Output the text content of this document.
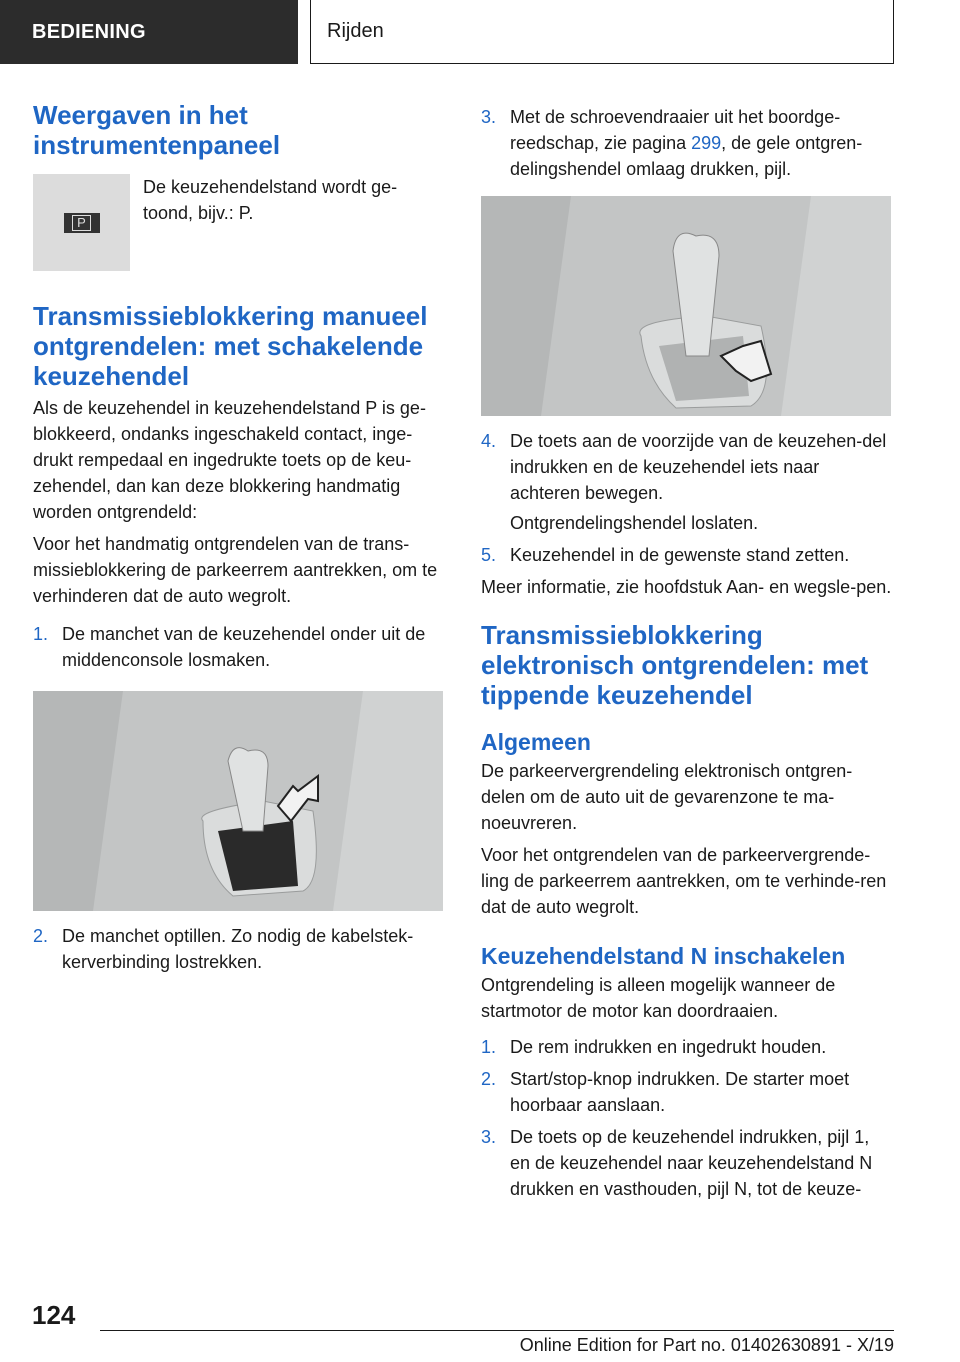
BEDIENING	Rijden
Weergaven in het instrumentenpaneel
P

De keuzehendelstand wordt ge-toond, bijv.: P.

Transmissieblokkering manueel ontgrendelen: met schakelende keuzehendel

Als de keuzehendel in keuzehendelstand P is ge-blokkeerd, ondanks ingeschakeld contact, inge-drukt rempedaal en ingedrukte toets op de keu-zehendel, dan kan deze blokkering handmatig worden ontgrendeld:

Voor het handmatig ontgrendelen van de trans-missieblokkering de parkeerrem aantrekken, om te verhinderen dat de auto wegrolt.

1. De manchet van de keuzehendel onder uit de middenconsole losmaken.
2. De manchet optillen. Zo nodig de kabelstek-kerverbinding lostrekken.
3. Met de schroevendraaier uit het boordge-reedschap, zie pagina 299, de gele ontgren-delingshendel omlaag drukken, pijl.
4. De toets aan de voorzijde van de keuzehen-del indrukken en de keuzehendel iets naar achteren bewegen.

Ontgrendelingshendel loslaten.

5. Keuzehendel in de gewenste stand zetten.

Meer informatie, zie hoofdstuk Aan- en wegsle-pen.

Transmissieblokkering elektronisch ontgrendelen: met tippende keuzehendel
Algemeen

De parkeervergrendeling elektronisch ontgren-delen om de auto uit de gevarenzone te ma-noeuvreren.

Voor het ontgrendelen van de parkeervergrende-ling de parkeerrem aantrekken, om te verhinde-ren dat de auto wegrolt.

Keuzehendelstand N inschakelen

Ontgrendeling is alleen mogelijk wanneer de startmotor de motor kan doordraaien.

1. De rem indrukken en ingedrukt houden.
2. Start/stop-knop indrukken. De starter moet hoorbaar aanslaan.
3. De toets op de keuzehendel indrukken, pijl 1, en de keuzehendel naar keuzehendelstand N drukken en vasthouden, pijl N, tot de keuze-
124
Online Edition for Part no. 01402630891 - X/19
